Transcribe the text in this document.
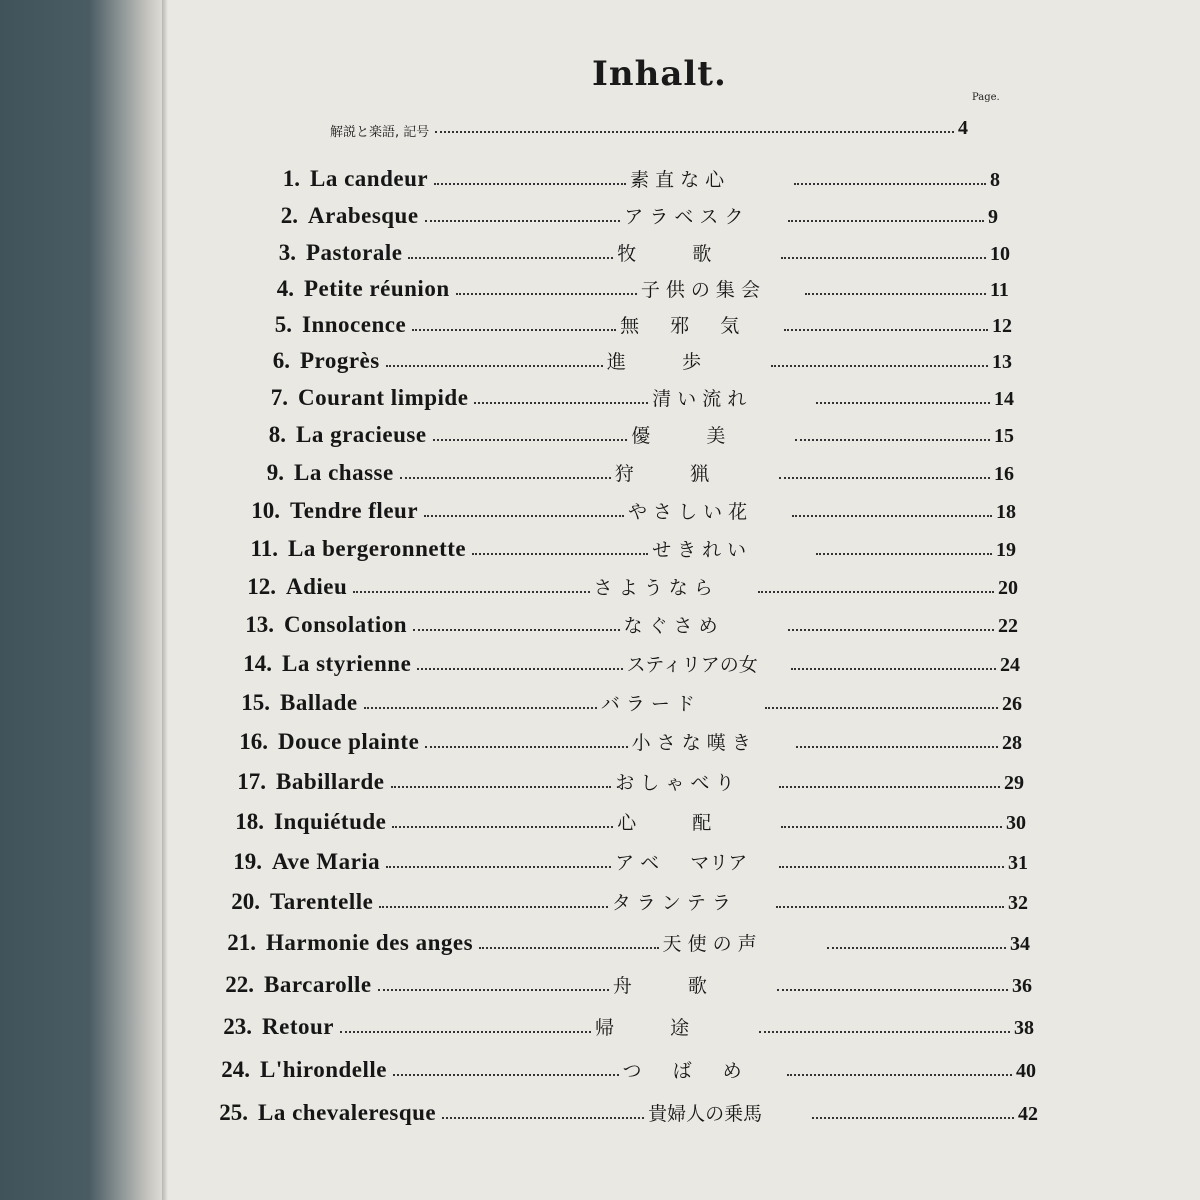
Inhalt.
Page.
解説と楽語, 記号	4
1. La candeur	素 直 な 心	8
2. Arabesque	ア ラ ベ ス ク	9
3. Pastorale	牧 　 　 歌	10
4. Petite réunion	子 供 の 集 会	11
5. Innocence	無 　 邪 　 気	12
6. Progrès	進 　 　 歩	13
7. Courant limpide	清 い 流 れ	14
8. La gracieuse	優 　 　 美	15
9. La chasse	狩 　 　 猟	16
10. Tendre fleur	や さ し い 花	18
11. La bergeronnette	せ き れ い	19
12. Adieu	さ よ う な ら	20
13. Consolation	な ぐ さ め	22
14. La styrienne	スティリアの女	24
15. Ballade	バ ラ ー ド	26
16. Douce plainte	小 さ な 嘆 き	28
17. Babillarde	お し ゃ べ り	29
18. Inquiétude	心 　 　 配	30
19. Ave Maria	ア ベ 　 マリア	31
20. Tarentelle	タ ラ ン テ ラ	32
21. Harmonie des anges	天 使 の 声	34
22. Barcarolle	舟 　 　 歌	36
23. Retour	帰 　 　 途	38
24. L'hirondelle	つ 　 ば 　 め	40
25. La chevaleresque	貴婦人の乗馬	42
